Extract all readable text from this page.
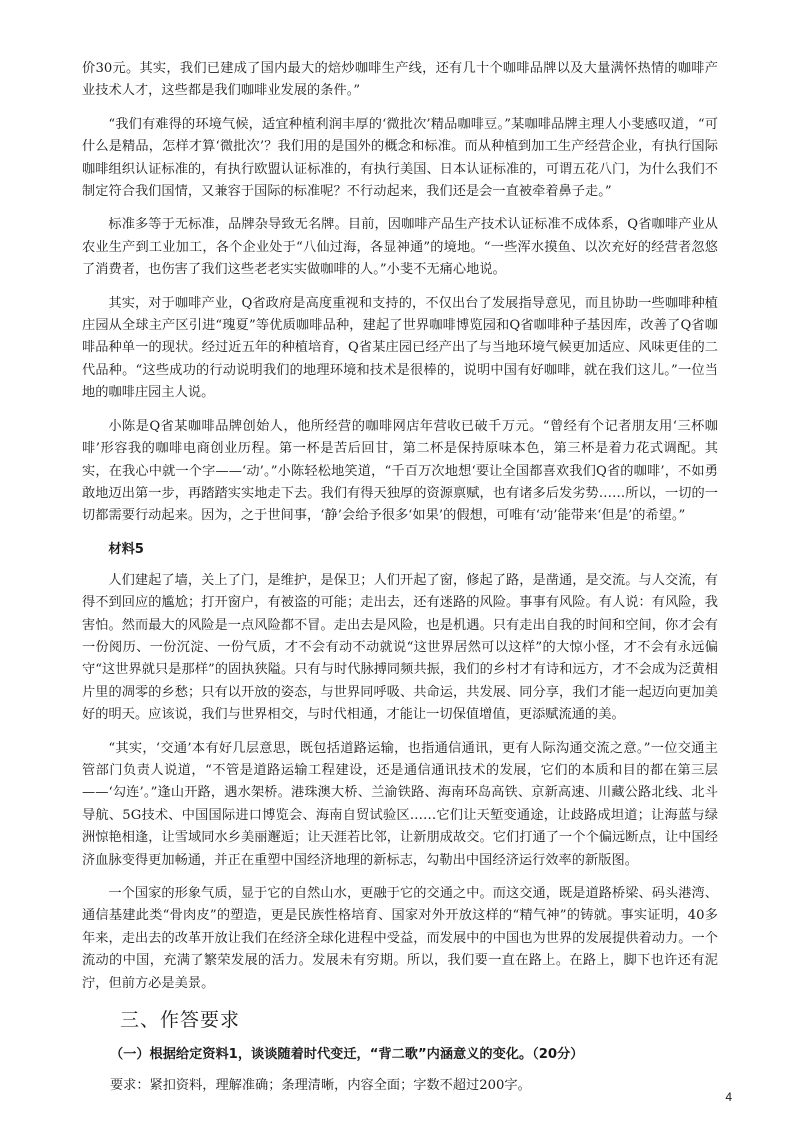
价30元。其实，我们已建成了国内最大的焙炒咖啡生产线，还有几十个咖啡品牌以及大量满怀热情的咖啡产业技术人才，这些都是我们咖啡业发展的条件。”

“我们有难得的环境气候，适宜种植利润丰厚的‘微批次’精品咖啡豆。”某咖啡品牌主理人小斐感叹道，“可什么是精品，怎样才算‘微批次’？我们用的是国外的概念和标准。而从种植到加工生产经营企业，有执行国际咖啡组织认证标准的，有执行欧盟认证标准的，有执行美国、日本认证标准的，可谓五花八门，为什么我们不制定符合我们国情，又兼容于国际的标准呢？不行动起来，我们还是会一直被牵着鼻子走。”

标准多等于无标准，品牌杂导致无名牌。目前，因咖啡产品生产技术认证标准不成体系，Q省咖啡产业从农业生产到工业加工，各个企业处于“八仙过海，各显神通”的境地。“一些浑水摸鱼、以次充好的经营者忽悠了消费者，也伤害了我们这些老老实实做咖啡的人。”小斐不无痛心地说。

其实，对于咖啡产业，Q省政府是高度重视和支持的，不仅出台了发展指导意见，而且协助一些咖啡种植庄园从全球主产区引进“瑰夏”等优质咖啡品种，建起了世界咖啡博览园和Q省咖啡种子基因库，改善了Q省咖啡品种单一的现状。经过近五年的种植培育，Q省某庄园已经产出了与当地环境气候更加适应、风味更佳的二代品种。“这些成功的行动说明我们的地理环境和技术是很棒的，说明中国有好咖啡，就在我们这儿。”一位当地的咖啡庄园主人说。

小陈是Q省某咖啡品牌创始人，他所经营的咖啡网店年营收已破千万元。“曾经有个记者朋友用‘三杯咖啡’形容我的咖啡电商创业历程。第一杯是苦后回甘，第二杯是保持原味本色，第三杯是着力花式调配。其实，在我心中就一个字——‘动’。”小陈轻松地笑道，“千百万次地想‘要让全国都喜欢我们Q省的咖啡’，不如勇敢地迈出第一步，再踏踏实实地走下去。我们有得天独厚的资源禀赋，也有诸多后发劣势……所以，一切的一切都需要行动起来。因为，之于世间事，‘静’会给予很多‘如果’的假想，可唯有‘动’能带来‘但是’的希望。”

材料5

人们建起了墙，关上了门，是维护，是保卫；人们开起了窗，修起了路，是凿通，是交流。与人交流，有得不到回应的尴尬；打开窗户，有被盗的可能；走出去，还有迷路的风险。事事有风险。有人说：有风险，我害怕。然而最大的风险是一点风险都不冒。走出去是风险，也是机遇。只有走出自我的时间和空间，你才会有一份阅历、一份沉淀、一份气质，才不会有动不动就说“这世界居然可以这样”的大惊小怪，才不会有永远偏守“这世界就只是那样”的固执狭隘。只有与时代脉搏同频共振，我们的乡村才有诗和远方，才不会成为泛黄相片里的凋零的乡愁；只有以开放的姿态，与世界同呼吸、共命运，共发展、同分享，我们才能一起迈向更加美好的明天。应该说，我们与世界相交，与时代相通，才能让一切保值增值，更添赋流通的美。

“其实，‘交通’本有好几层意思，既包括道路运输，也指通信通讯，更有人际沟通交流之意。”一位交通主管部门负责人说道，“不管是道路运输工程建设，还是通信通讯技术的发展，它们的本质和目的都在第三层——‘勾连’。”逢山开路，遇水架桥。港珠澳大桥、兰渝铁路、海南环岛高铁、京新高速、川藏公路北线、北斗导航、5G技术、中国国际进口博览会、海南自贸试验区……它们让天堑变通途，让歧路成坦道；让海蓝与绿洲惊艳相逢，让雪域同水乡美丽邂逅；让天涯若比邻，让新朋成故交。它们打通了一个个偏远断点，让中国经济血脉变得更加畅通，并正在重塑中国经济地理的新标志，勾勒出中国经济运行效率的新版图。

一个国家的形象气质，显于它的自然山水，更融于它的交通之中。而这交通，既是道路桥梁、码头港湾、通信基建此类“骨肉皮”的塑造，更是民族性格培育、国家对外开放这样的“精气神”的铸就。事实证明，40多年来，走出去的改革开放让我们在经济全球化进程中受益，而发展中的中国也为世界的发展提供着动力。一个流动的中国，充满了繁荣发展的活力。发展未有穷期。所以，我们要一直在路上。在路上，脚下也许还有泥泞，但前方必是美景。

三、作答要求
（一）根据给定资料1，谈谈随着时代变迁，“背二歌”内涵意义的变化。（20分）
要求：紧扣资料，理解准确；条理清晰，内容全面；字数不超过200字。
4
